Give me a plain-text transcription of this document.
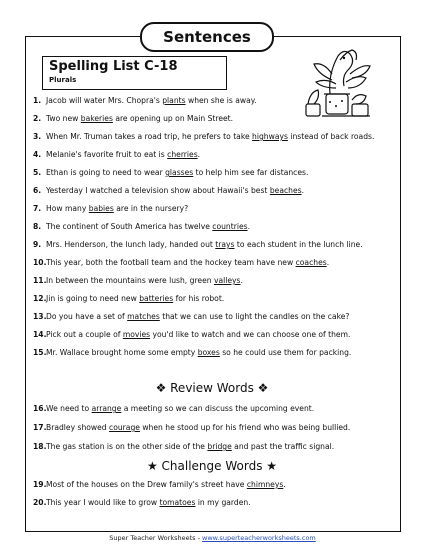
Sentences
Spelling List C-18
Plurals
1. Jacob will water Mrs. Chopra's plants when she is away.
2. Two new bakeries are opening up on Main Street.
3. When Mr. Truman takes a road trip, he prefers to take highways instead of back roads.
4. Melanie's favorite fruit to eat is cherries.
5. Ethan is going to need to wear glasses to help him see far distances.
6. Yesterday I watched a television show about Hawaii's best beaches.
7. How many babies are in the nursery?
8. The continent of South America has twelve countries.
9. Mrs. Henderson, the lunch lady, handed out trays to each student in the lunch line.
10. This year, both the football team and the hockey team have new coaches.
11. In between the mountains were lush, green valleys.
12. Jin is going to need new batteries for his robot.
13. Do you have a set of matches that we can use to light the candles on the cake?
14. Pick out a couple of movies you'd like to watch and we can choose one of them.
15. Mr. Wallace brought home some empty boxes so he could use them for packing.
❖ Review Words ❖
16. We need to arrange a meeting so we can discuss the upcoming event.
17. Bradley showed courage when he stood up for his friend who was being bullied.
18. The gas station is on the other side of the bridge and past the traffic signal.
★ Challenge Words ★
19. Most of the houses on the Drew family's street have chimneys.
20. This year I would like to grow tomatoes in my garden.
Super Teacher Worksheets - www.superteacherworksheets.com
